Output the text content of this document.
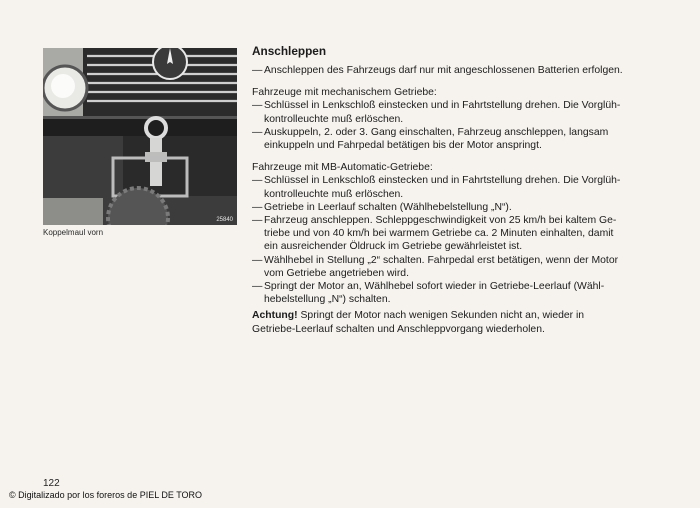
25840
Koppelmaul vorn
Anschleppen
— Anschleppen des Fahrzeugs darf nur mit angeschlossenen Batterien erfolgen.
Fahrzeuge mit mechanischem Getriebe:
— Schlüssel in Lenkschloß einstecken und in Fahrtstellung drehen. Die Vorglüh-
kontrolleuchte muß erlöschen.
— Auskuppeln, 2. oder 3. Gang einschalten, Fahrzeug anschleppen, langsam
einkuppeln und Fahrpedal betätigen bis der Motor anspringt.
Fahrzeuge mit MB-Automatic-Getriebe:
— Schlüssel in Lenkschloß einstecken und in Fahrtstellung drehen. Die Vorglüh-
kontrolleuchte muß erlöschen.
— Getriebe in Leerlauf schalten (Wählhebelstellung „N“).
— Fahrzeug anschleppen. Schleppgeschwindigkeit von 25 km/h bei kaltem Ge-
triebe und von 40 km/h bei warmem Getriebe ca. 2 Minuten einhalten, damit
ein ausreichender Öldruck im Getriebe gewährleistet ist.
— Wählhebel in Stellung „2“ schalten. Fahrpedal erst betätigen, wenn der Motor
vom Getriebe angetrieben wird.
— Springt der Motor an, Wählhebel sofort wieder in Getriebe-Leerlauf (Wähl-
hebelstellung „N“) schalten.
Achtung! Springt der Motor nach wenigen Sekunden nicht an, wieder in
Getriebe-Leerlauf schalten und Anschleppvorgang wiederholen.
122
© Digitalizado por los foreros de PIEL DE TORO
